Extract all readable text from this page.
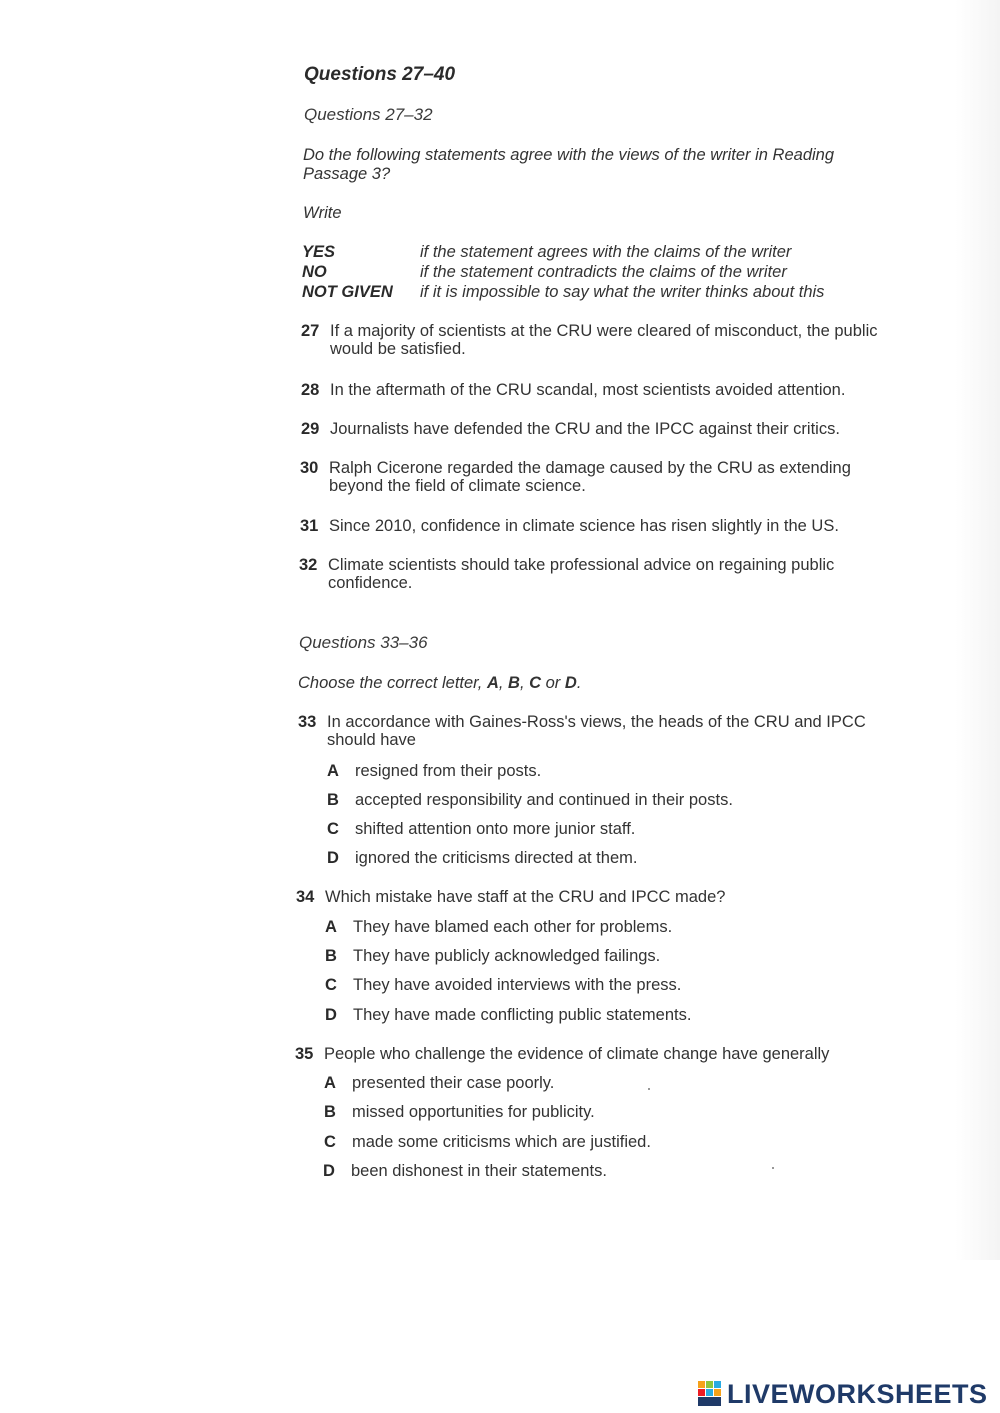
Questions 27–40
Questions 27–32
Do the following statements agree with the views of the writer in Reading
Passage 3?
Write
YES	if the statement agrees with the claims of the writer
NO	if the statement contradicts the claims of the writer
NOT GIVEN if it is impossible to say what the writer thinks about this
27 If a majority of scientists at the CRU were cleared of misconduct, the public
would be satisfied.
28 In the aftermath of the CRU scandal, most scientists avoided attention.
29 Journalists have defended the CRU and the IPCC against their critics.
30 Ralph Cicerone regarded the damage caused by the CRU as extending
beyond the field of climate science.
31 Since 2010, confidence in climate science has risen slightly in the US.
32 Climate scientists should take professional advice on regaining public
confidence.
Questions 33–36
Choose the correct letter, A, B, C or D.
33 In accordance with Gaines-Ross's views, the heads of the CRU and IPCC
should have
A resigned from their posts.
B accepted responsibility and continued in their posts.
C shifted attention onto more junior staff.
D ignored the criticisms directed at them.
34 Which mistake have staff at the CRU and IPCC made?
A They have blamed each other for problems.
B They have publicly acknowledged failings.
C They have avoided interviews with the press.
D They have made conflicting public statements.
35 People who challenge the evidence of climate change have generally
A presented their case poorly.
B missed opportunities for publicity.
C made some criticisms which are justified.
D been dishonest in their statements.
LIVEWORKSHEETS
